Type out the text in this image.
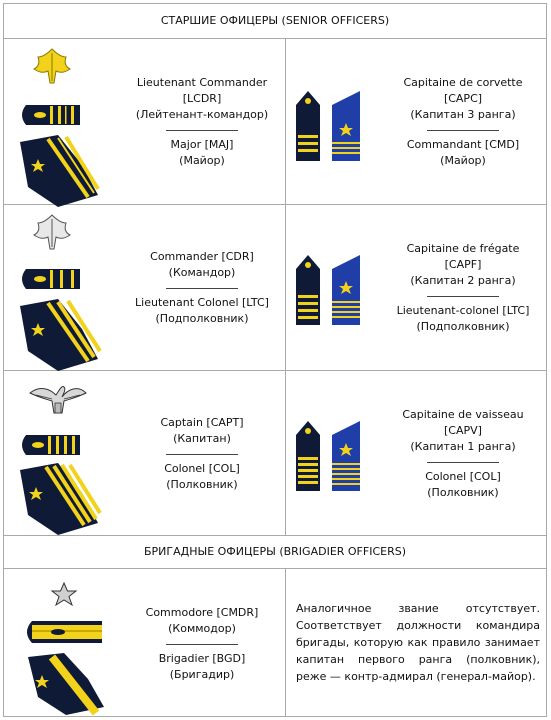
СТАРШИЕ ОФИЦЕРЫ (SENIOR OFFICERS)
Lieutenant Commander
[LCDR]
(Лейтенант-командор)
Major [MAJ]
(Майор)
Capitaine de corvette
[CAPC]
(Капитан 3 ранга)
Commandant [CMD]
(Майор)
Commander [CDR]
(Командор)
Lieutenant Colonel [LTC]
(Подполковник)
Capitaine de frégate
[CAPF]
(Капитан 2 ранга)
Lieutenant-colonel [LTC]
(Подполковник)
Captain [CAPT]
(Капитан)
Colonel [COL]
(Полковник)
Capitaine de vaisseau
[CAPV]
(Капитан 1 ранга)
Colonel [COL]
(Полковник)
БРИГАДНЫЕ ОФИЦЕРЫ (BRIGADIER OFFICERS)
Commodore [CMDR]
(Коммодор)
Brigadier [BGD]
(Бригадир)
Аналогичное звание отсутствует. Соответствует должности командира бригады, которую как правило занимает капитан первого ранга (полковник), реже — контр-адмирал (генерал-майор).
